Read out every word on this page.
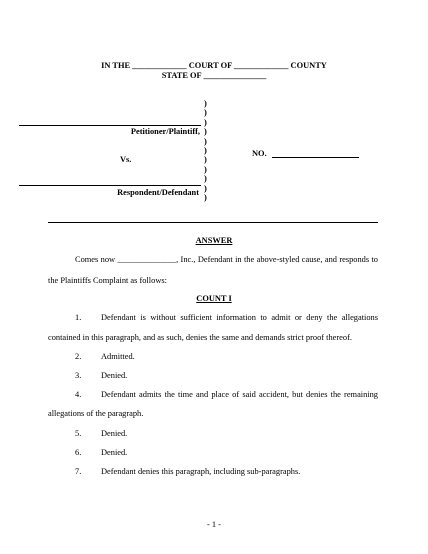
IN THE _____________ COURT OF _____________ COUNTY
STATE OF _______________
Petitioner/Plaintiff,
Vs.
Respondent/Defendant
)
)
)
)
)
)
)
)
)
)
)
NO.
ANSWER
Comes now ______________, Inc., Defendant in the above-styled cause, and responds to
the Plaintiffs Complaint as follows:
COUNT I
1. Defendant is without sufficient information to admit or deny the allegations
contained in this paragraph, and as such, denies the same and demands strict proof thereof.
2. Admitted.
3. Denied.
4. Defendant admits the time and place of said accident, but denies the remaining
allegations of the paragraph.
5. Denied.
6. Denied.
7. Defendant denies this paragraph, including sub-paragraphs.
- 1 -
